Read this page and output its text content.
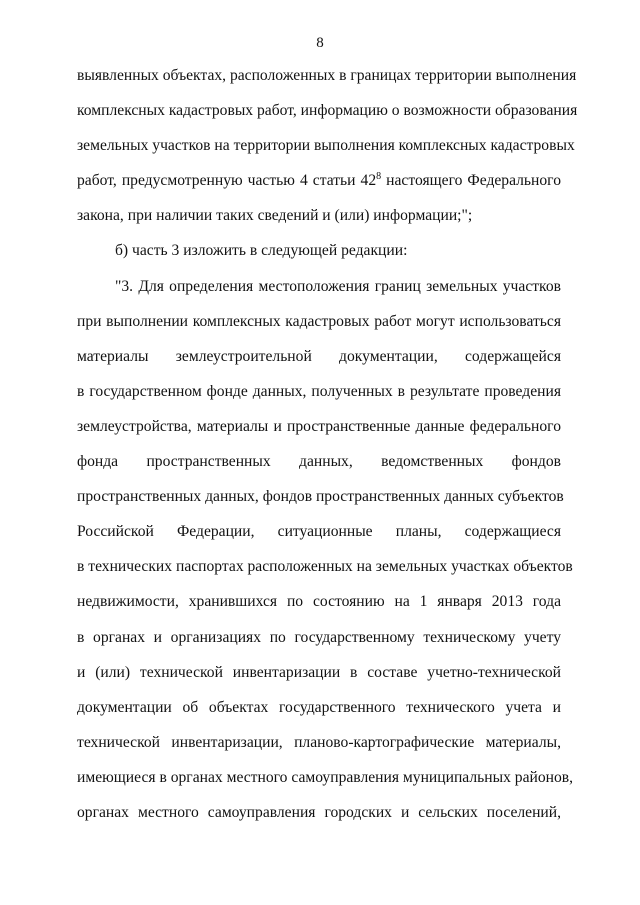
8
выявленных объектах, расположенных в границах территории выполнения
комплексных кадастровых работ, информацию о возможности образования
земельных участков на территории выполнения комплексных кадастровых
работ, предусмотренную частью 4 статьи $42^8$ настоящего Федерального
закона, при наличии таких сведений и (или) информации;";
б) часть 3 изложить в следующей редакции:
"3. Для определения местоположения границ земельных участков
при выполнении комплексных кадастровых работ могут использоваться
материалы землеустроительной документации, содержащейся
в государственном фонде данных, полученных в результате проведения
землеустройства, материалы и пространственные данные федерального
фонда пространственных данных, ведомственных фондов
пространственных данных, фондов пространственных данных субъектов
Российской Федерации, ситуационные планы, содержащиеся
в технических паспортах расположенных на земельных участках объектов
недвижимости, хранившихся по состоянию на 1 января 2013 года
в органах и организациях по государственному техническому учету
и (или) технической инвентаризации в составе учетно-технической
документации об объектах государственного технического учета и
технической инвентаризации, планово-картографические материалы,
имеющиеся в органах местного самоуправления муниципальных районов,
органах местного самоуправления городских и сельских поселений,
